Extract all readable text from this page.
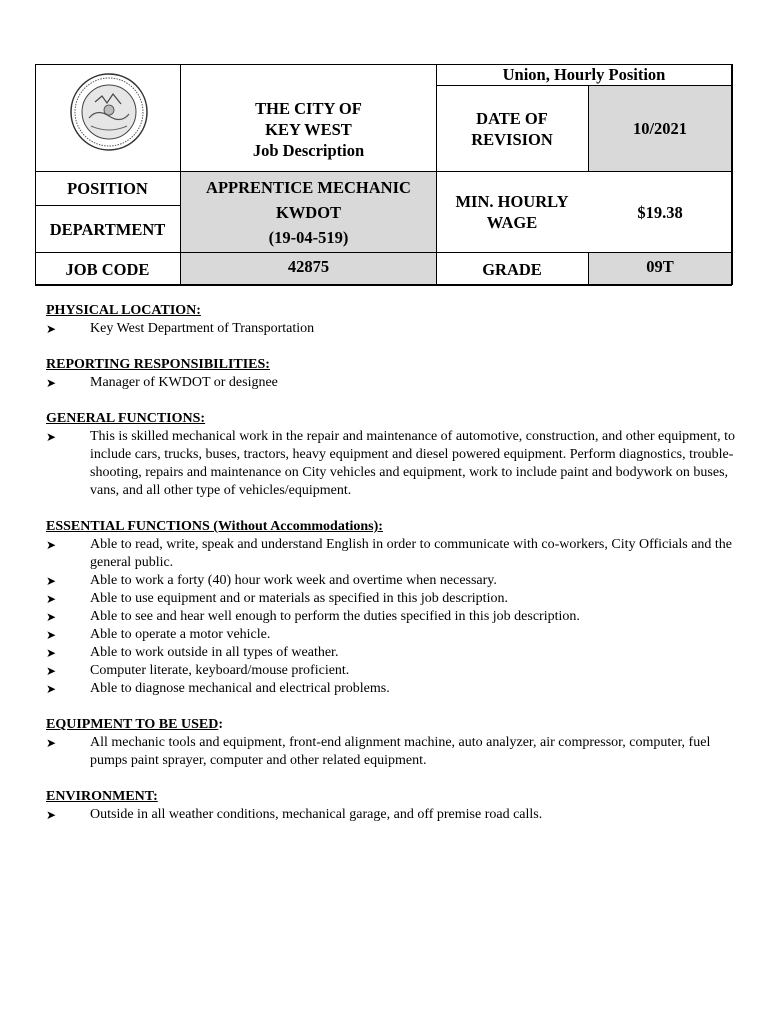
10/2021
APPRENTICE MECHANIC
KWDOT
(19-04-519)
42875	09T
Union, Hourly Position
THE CITY OF
KEY WEST
Job Description
DATE OF
REVISION
POSITION
DEPARTMENT
JOB CODE
MIN. HOURLY
WAGE
$19.38
GRADE
PHYSICAL LOCATION:
➤ Key West Department of Transportation
REPORTING RESPONSIBILITIES:
➤ Manager of KWDOT or designee
GENERAL FUNCTIONS:
➤ This is skilled mechanical work in the repair and maintenance of automotive, construction, and other equipment, to include cars, trucks, buses, tractors, heavy equipment and diesel powered equipment. Perform diagnostics, trouble-shooting, repairs and maintenance on City vehicles and equipment, work to include paint and bodywork on buses, vans, and all other type of vehicles/equipment.
ESSENTIAL FUNCTIONS (Without Accommodations):
➤ Able to read, write, speak and understand English in order to communicate with co-workers, City Officials and the general public.
➤ Able to work a forty (40) hour work week and overtime when necessary.
➤ Able to use equipment and or materials as specified in this job description.
➤ Able to see and hear well enough to perform the duties specified in this job description.
➤ Able to operate a motor vehicle.
➤ Able to work outside in all types of weather.
➤ Computer literate, keyboard/mouse proficient.
➤ Able to diagnose mechanical and electrical problems.
EQUIPMENT TO BE USED:
➤ All mechanic tools and equipment, front-end alignment machine, auto analyzer, air compressor, computer, fuel pumps paint sprayer, computer and other related equipment.
ENVIRONMENT:
➤ Outside in all weather conditions, mechanical garage, and off premise road calls.
